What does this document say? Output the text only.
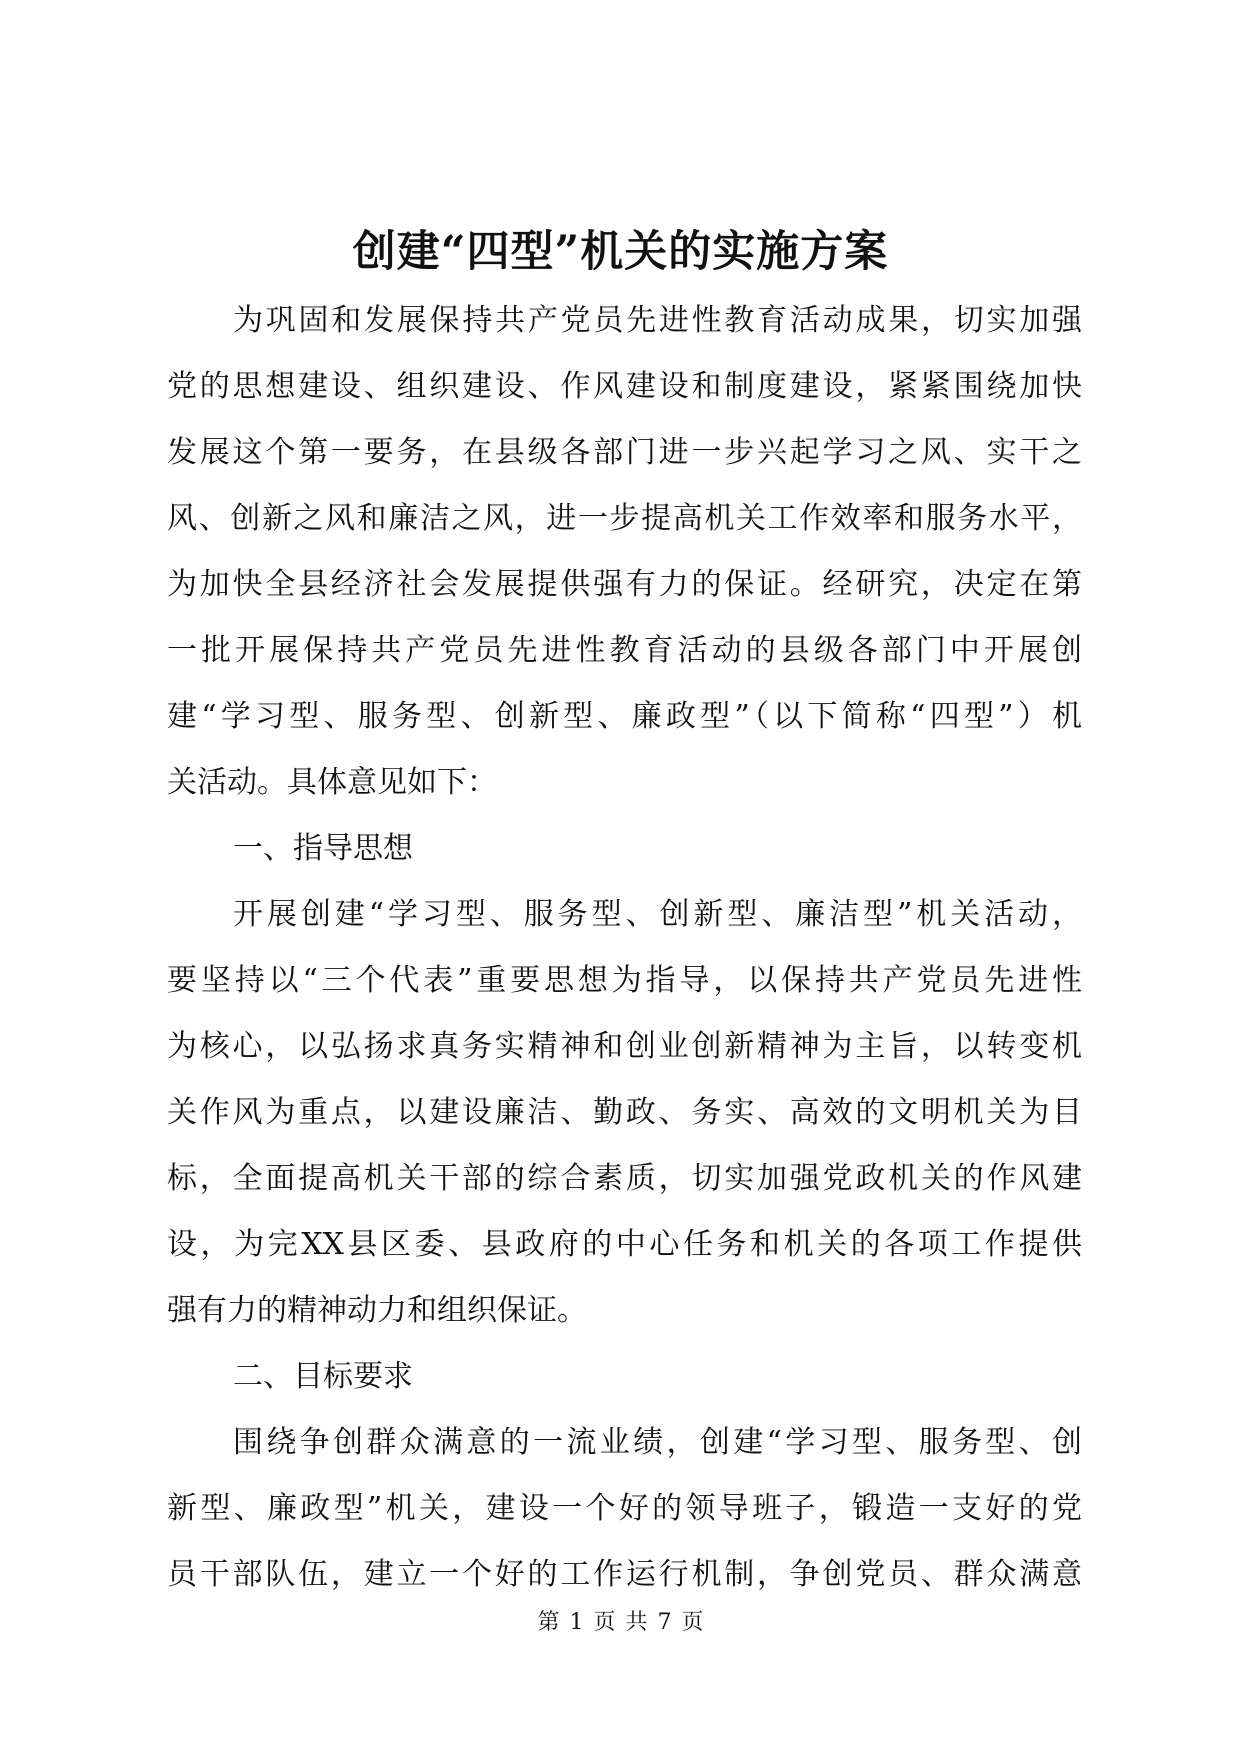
创建“四型”机关的实施方案
为巩固和发展保持共产党员先进性教育活动成果，切实加强
党的思想建设、组织建设、作风建设和制度建设，紧紧围绕加快
发展这个第一要务，在县级各部门进一步兴起学习之风、实干之
风、创新之风和廉洁之风，进一步提高机关工作效率和服务水平，
为加快全县经济社会发展提供强有力的保证。经研究，决定在第
一批开展保持共产党员先进性教育活动的县级各部门中开展创
建“学习型、服务型、创新型、廉政型”（以下简称“四型”）机
关活动。具体意见如下：
一、指导思想
开展创建“学习型、服务型、创新型、廉洁型”机关活动，
要坚持以“三个代表”重要思想为指导，以保持共产党员先进性
为核心，以弘扬求真务实精神和创业创新精神为主旨，以转变机
关作风为重点，以建设廉洁、勤政、务实、高效的文明机关为目
标，全面提高机关干部的综合素质，切实加强党政机关的作风建
设，为完XX县区委、县政府的中心任务和机关的各项工作提供
强有力的精神动力和组织保证。
二、目标要求
围绕争创群众满意的一流业绩，创建“学习型、服务型、创
新型、廉政型”机关，建设一个好的领导班子，锻造一支好的党
员干部队伍，建立一个好的工作运行机制，争创党员、群众满意
第 1 页 共 7 页
